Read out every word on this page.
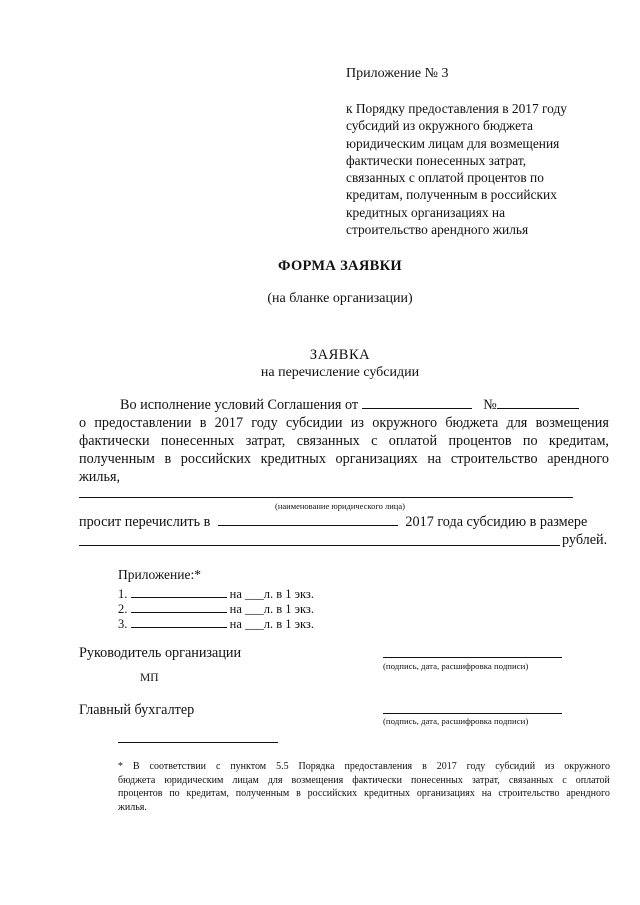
Приложение № 3
к Порядку предоставления в 2017 году
субсидий из окружного бюджета
юридическим лицам для возмещения
фактически понесенных затрат,
связанных с оплатой процентов по
кредитам, полученным в российских
кредитных организациях на
строительство арендного жилья
ФОРМА ЗАЯВКИ
(на бланке организации)
ЗАЯВКА
на перечисление субсидии
Во исполнение условий Соглашения от	№
о предоставлении в 2017 году субсидии из окружного бюджета для возмещения
фактически понесенных затрат, связанных с оплатой процентов по кредитам,
полученным в российских кредитных организациях на строительство арендного
жилья,
(наименование юридического лица)
просит перечислить в	2017 года субсидию в размере
рублей.
Приложение:*
1.	на ___л. в 1 экз.
2.	на ___л. в 1 экз.
3.	на ___л. в 1 экз.
Руководитель организации
(подпись, дата, расшифровка подписи)
МП
Главный бухгалтер
(подпись, дата, расшифровка подписи)
* В соответствии с пунктом 5.5 Порядка предоставления в 2017 году субсидий из окружного
бюджета юридическим лицам для возмещения фактически понесенных затрат, связанных с оплатой
процентов по кредитам, полученным в российских кредитных организациях на строительство арендного
жилья.
